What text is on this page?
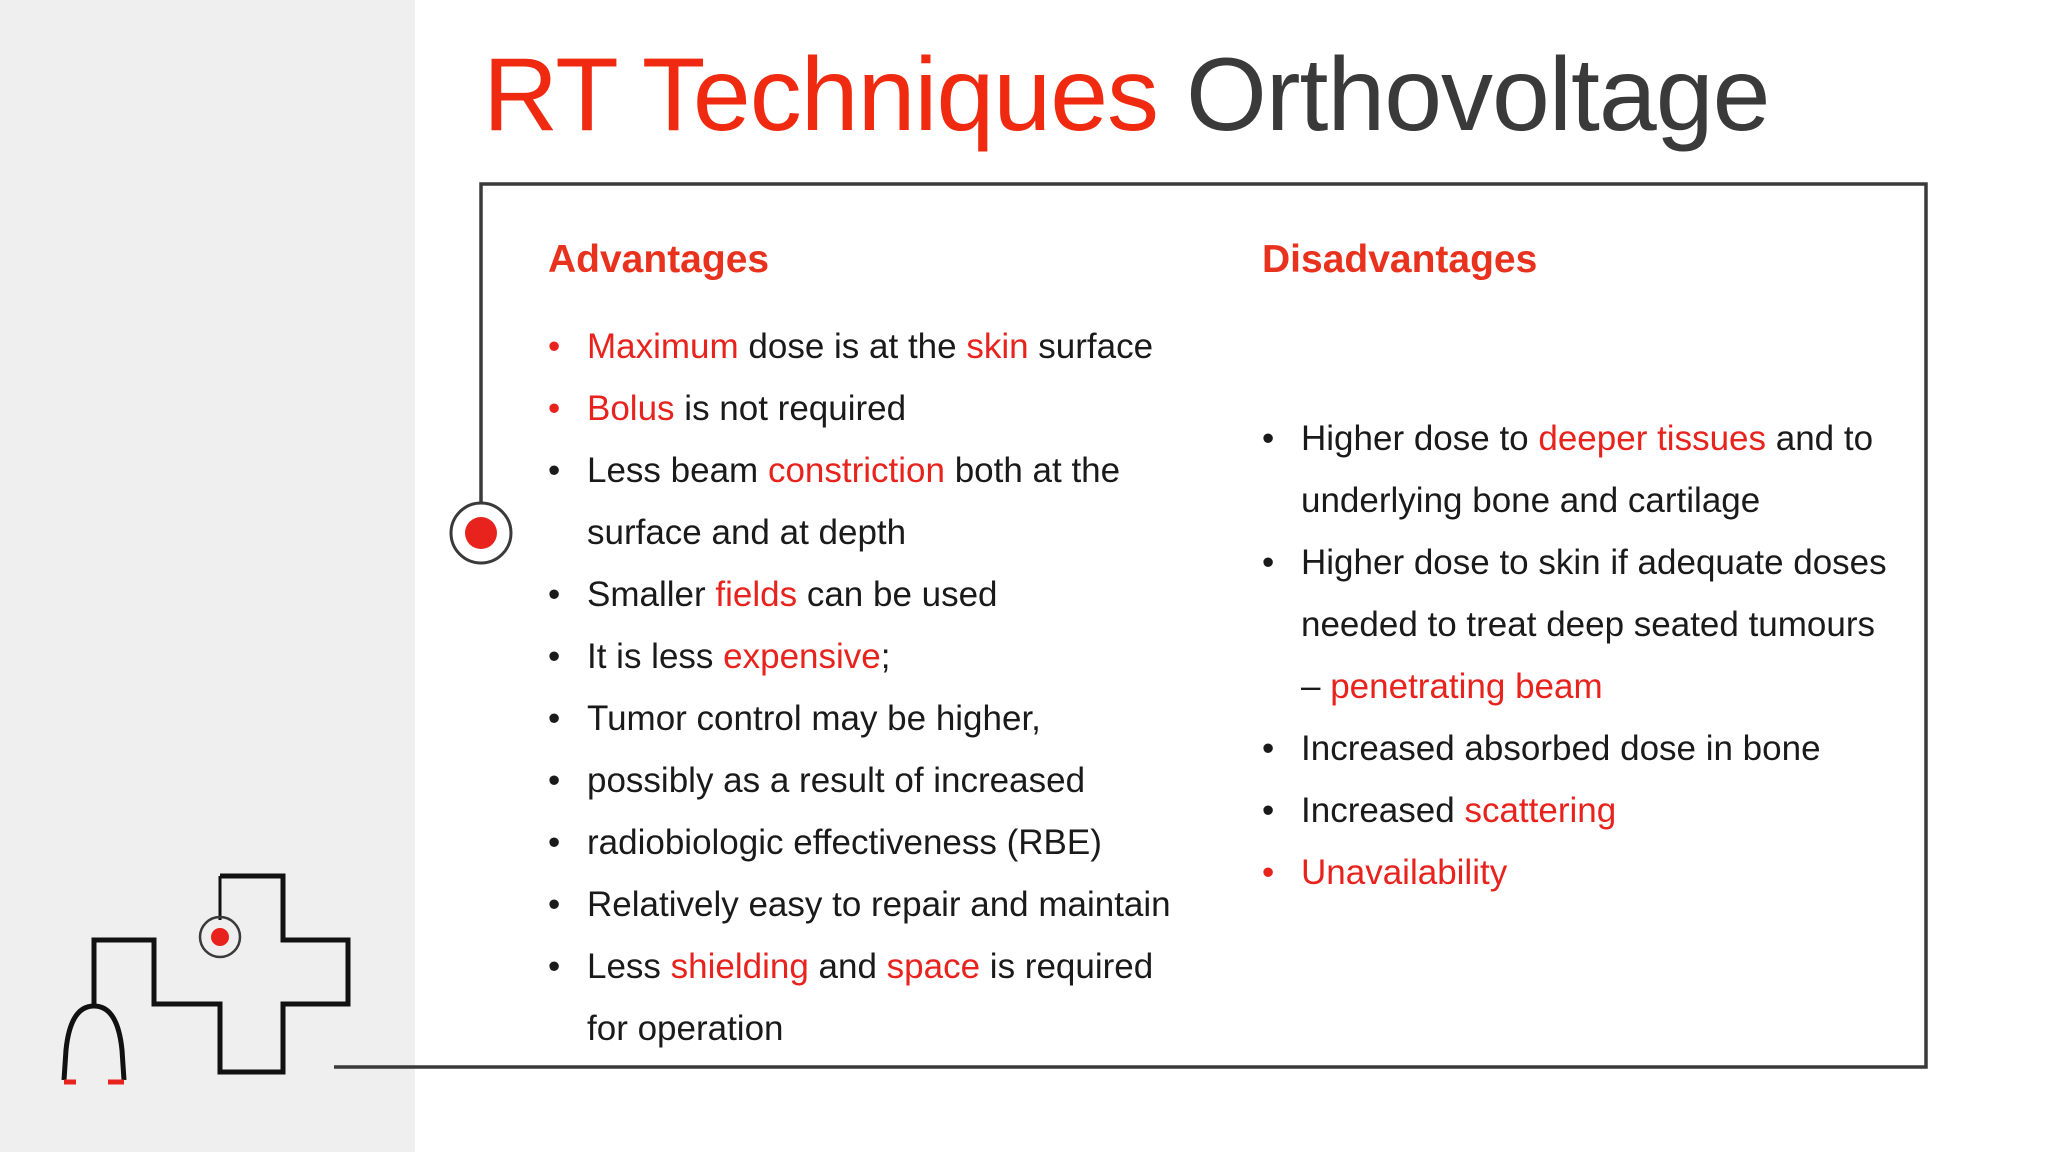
RT Techniques Orthovoltage
Advantages
• Maximum dose is at the skin surface
• Bolus is not required
• Less beam constriction both at the surface and at depth
• Smaller fields can be used
• It is less expensive;
• Tumor control may be higher,
• possibly as a result of increased
• radiobiologic effectiveness (RBE)
• Relatively easy to repair and maintain
• Less shielding and space is required for operation
Disadvantages
• Higher dose to deeper tissues and to underlying bone and cartilage
• Higher dose to skin if adequate doses needed to treat deep seated tumours – penetrating beam
• Increased absorbed dose in bone
• Increased scattering
• Unavailability
